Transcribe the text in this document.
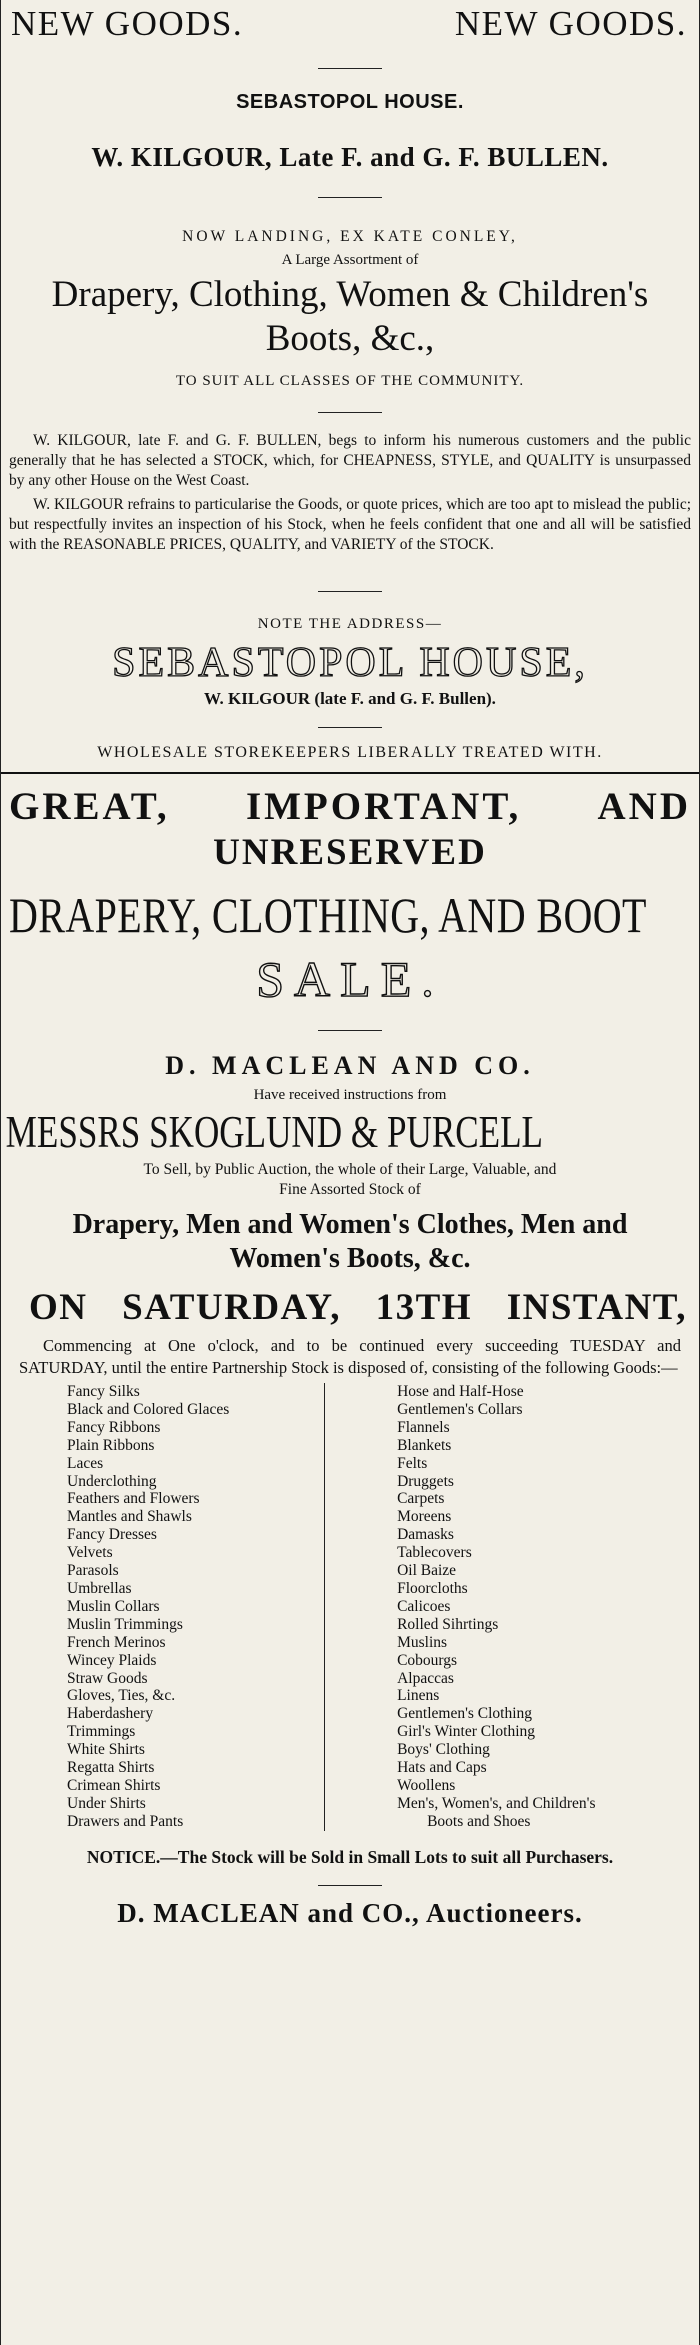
NEW GOODS.	NEW GOODS.
SEBASTOPOL HOUSE.
W. KILGOUR, Late F. and G. F. BULLEN.
NOW LANDING, EX KATE CONLEY,
A Large Assortment of
Drapery, Clothing, Women & Children's
Boots, &c.,
TO SUIT ALL CLASSES OF THE COMMUNITY.

W. KILGOUR, late F. and G. F. BULLEN, begs to inform his numerous customers and the public generally that he has selected a STOCK, which, for CHEAPNESS, STYLE, and QUALITY is unsurpassed by any other House on the West Coast.

W. KILGOUR refrains to particularise the Goods, or quote prices, which are too apt to mislead the public; but respectfully invites an inspection of his Stock, when he feels confident that one and all will be satisfied with the REASONABLE PRICES, QUALITY, and VARIETY of the STOCK.

NOTE THE ADDRESS—
SEBASTOPOL HOUSE,
W. KILGOUR (late F. and G. F. Bullen).
WHOLESALE STOREKEEPERS LIBERALLY TREATED WITH.
GREAT, IMPORTANT, AND
UNRESERVED
DRAPERY, CLOTHING, AND BOOT
SALE.
D. MACLEAN AND CO.
Have received instructions from
MESSRS SKOGLUND & PURCELL
To Sell, by Public Auction, the whole of their Large, Valuable, and
Fine Assorted Stock of
Drapery, Men and Women's Clothes, Men and
Women's Boots, &c.
ON SATURDAY, 13TH INSTANT,
Commencing at One o'clock, and to be continued every succeeding TUESDAY and SATURDAY, until the entire Partnership Stock is disposed of, consisting of the following Goods:—
Fancy Silks
Black and Colored Glaces
Fancy Ribbons
Plain Ribbons
Laces
Underclothing
Feathers and Flowers
Mantles and Shawls
Fancy Dresses
Velvets
Parasols
Umbrellas
Muslin Collars
Muslin Trimmings
French Merinos
Wincey Plaids
Straw Goods
Gloves, Ties, &c.
Haberdashery
Trimmings
White Shirts
Regatta Shirts
Crimean Shirts
Under Shirts
Drawers and Pants
Hose and Half-Hose
Gentlemen's Collars
Flannels
Blankets
Felts
Druggets
Carpets
Moreens
Damasks
Tablecovers
Oil Baize
Floorcloths
Calicoes
Rolled Sihrtings
Muslins
Cobourgs
Alpaccas
Linens
Gentlemen's Clothing
Girl's Winter Clothing
Boys' Clothing
Hats and Caps
Woollens
Men's, Women's, and Children's
Boots and Shoes
NOTICE.—The Stock will be Sold in Small Lots to suit all Purchasers.
D. MACLEAN and CO., Auctioneers.
